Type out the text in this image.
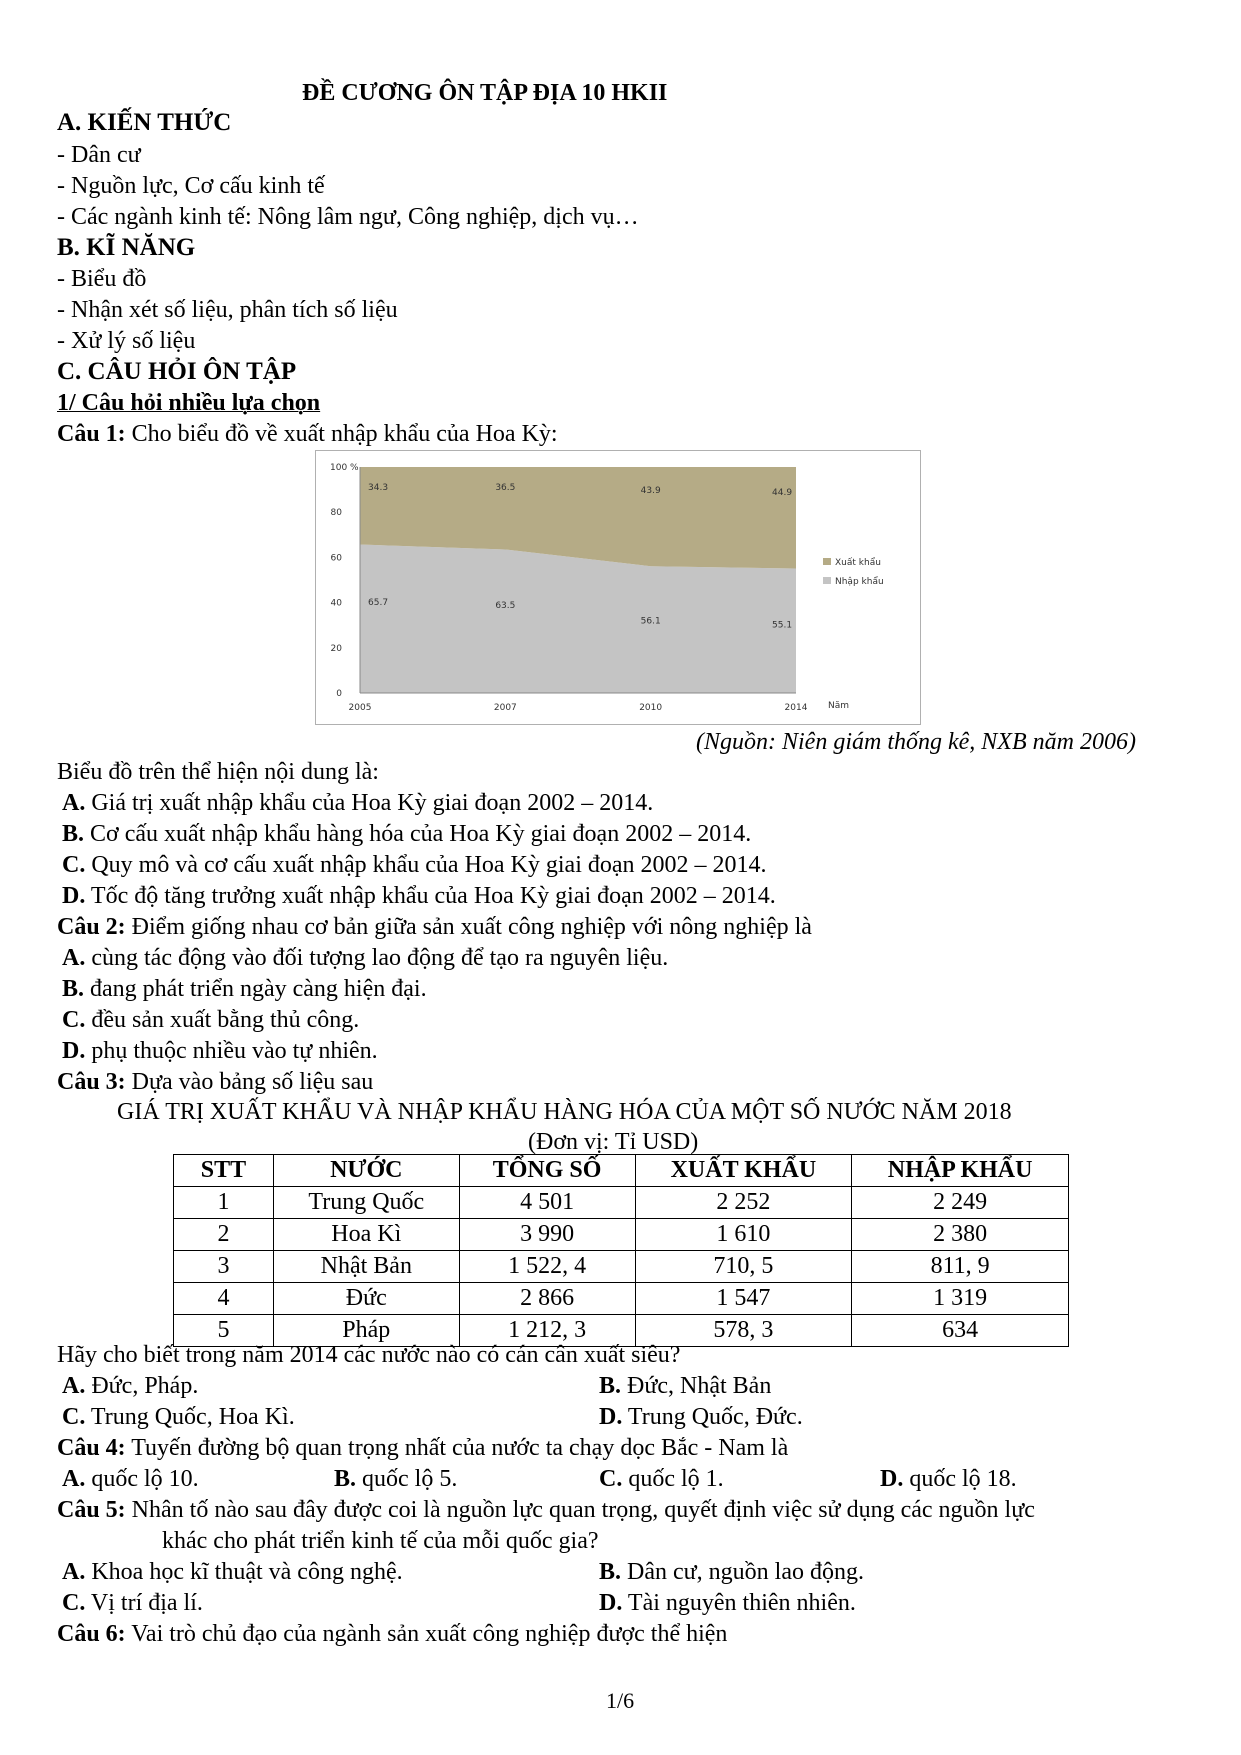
ĐỀ CƯƠNG ÔN TẬP ĐỊA 10 HKII
A. KIẾN THỨC
- Dân cư
- Nguồn lực, Cơ cấu kinh tế
- Các ngành kinh tế: Nông lâm ngư, Công nghiệp, dịch vụ…
B. KĨ NĂNG
- Biểu đồ
- Nhận xét số liệu, phân tích số liệu
- Xử lý số liệu
C. CÂU HỎI ÔN TẬP
1/ Câu hỏi nhiều lựa chọn
Câu 1: Cho biểu đồ về xuất nhập khẩu của Hoa Kỳ:
34.3
65.7
36.5
63.5
43.9
56.1
44.9
55.1
0
20
40
60
80
100 %
2005	2007	2010	2014 Năm
Xuất khẩu
Nhập khẩu
(Nguồn: Niên giám thống kê, NXB năm 2006)
Biểu đồ trên thể hiện nội dung là:
A. Giá trị xuất nhập khẩu của Hoa Kỳ giai đoạn 2002 – 2014.
B. Cơ cấu xuất nhập khẩu hàng hóa của Hoa Kỳ giai đoạn 2002 – 2014.
C. Quy mô và cơ cấu xuất nhập khẩu của Hoa Kỳ giai đoạn 2002 – 2014.
D. Tốc độ tăng trưởng xuất nhập khẩu của Hoa Kỳ giai đoạn 2002 – 2014.
Câu 2: Điểm giống nhau cơ bản giữa sản xuất công nghiệp với nông nghiệp là
A. cùng tác động vào đối tượng lao động để tạo ra nguyên liệu.
B. đang phát triển ngày càng hiện đại.
C. đều sản xuất bằng thủ công.
D. phụ thuộc nhiều vào tự nhiên.
Câu 3: Dựa vào bảng số liệu sau
GIÁ TRỊ XUẤT KHẨU VÀ NHẬP KHẨU HÀNG HÓA CỦA MỘT SỐ NƯỚC NĂM 2018
(Đơn vị: Tỉ USD)
STT	NƯỚC	TỔNG SỐ	XUẤT KHẨU	NHẬP KHẨU
1	Trung Quốc	4 501	2 252	2 249
2	Hoa Kì	3 990	1 610	2 380
3	Nhật Bản	1 522, 4	710, 5	811, 9
4	Đức	2 866	1 547	1 319
5	Pháp	1 212, 3	578, 3	634
Hãy cho biết trong năm 2014 các nước nào có cán cân xuất siêu?
A. Đức, Pháp.	B. Đức, Nhật Bản
C. Trung Quốc, Hoa Kì.	D. Trung Quốc, Đức.
Câu 4: Tuyến đường bộ quan trọng nhất của nước ta chạy dọc Bắc - Nam là
A. quốc lộ 10.	B. quốc lộ 5.	C. quốc lộ 1.	D. quốc lộ 18.
Câu 5: Nhân tố nào sau đây được coi là nguồn lực quan trọng, quyết định việc sử dụng các nguồn lực
khác cho phát triển kinh tế của mỗi quốc gia?
A. Khoa học kĩ thuật và công nghệ.	B. Dân cư, nguồn lao động.
C. Vị trí địa lí.	D. Tài nguyên thiên nhiên.
Câu 6: Vai trò chủ đạo của ngành sản xuất công nghiệp được thể hiện
1/6
